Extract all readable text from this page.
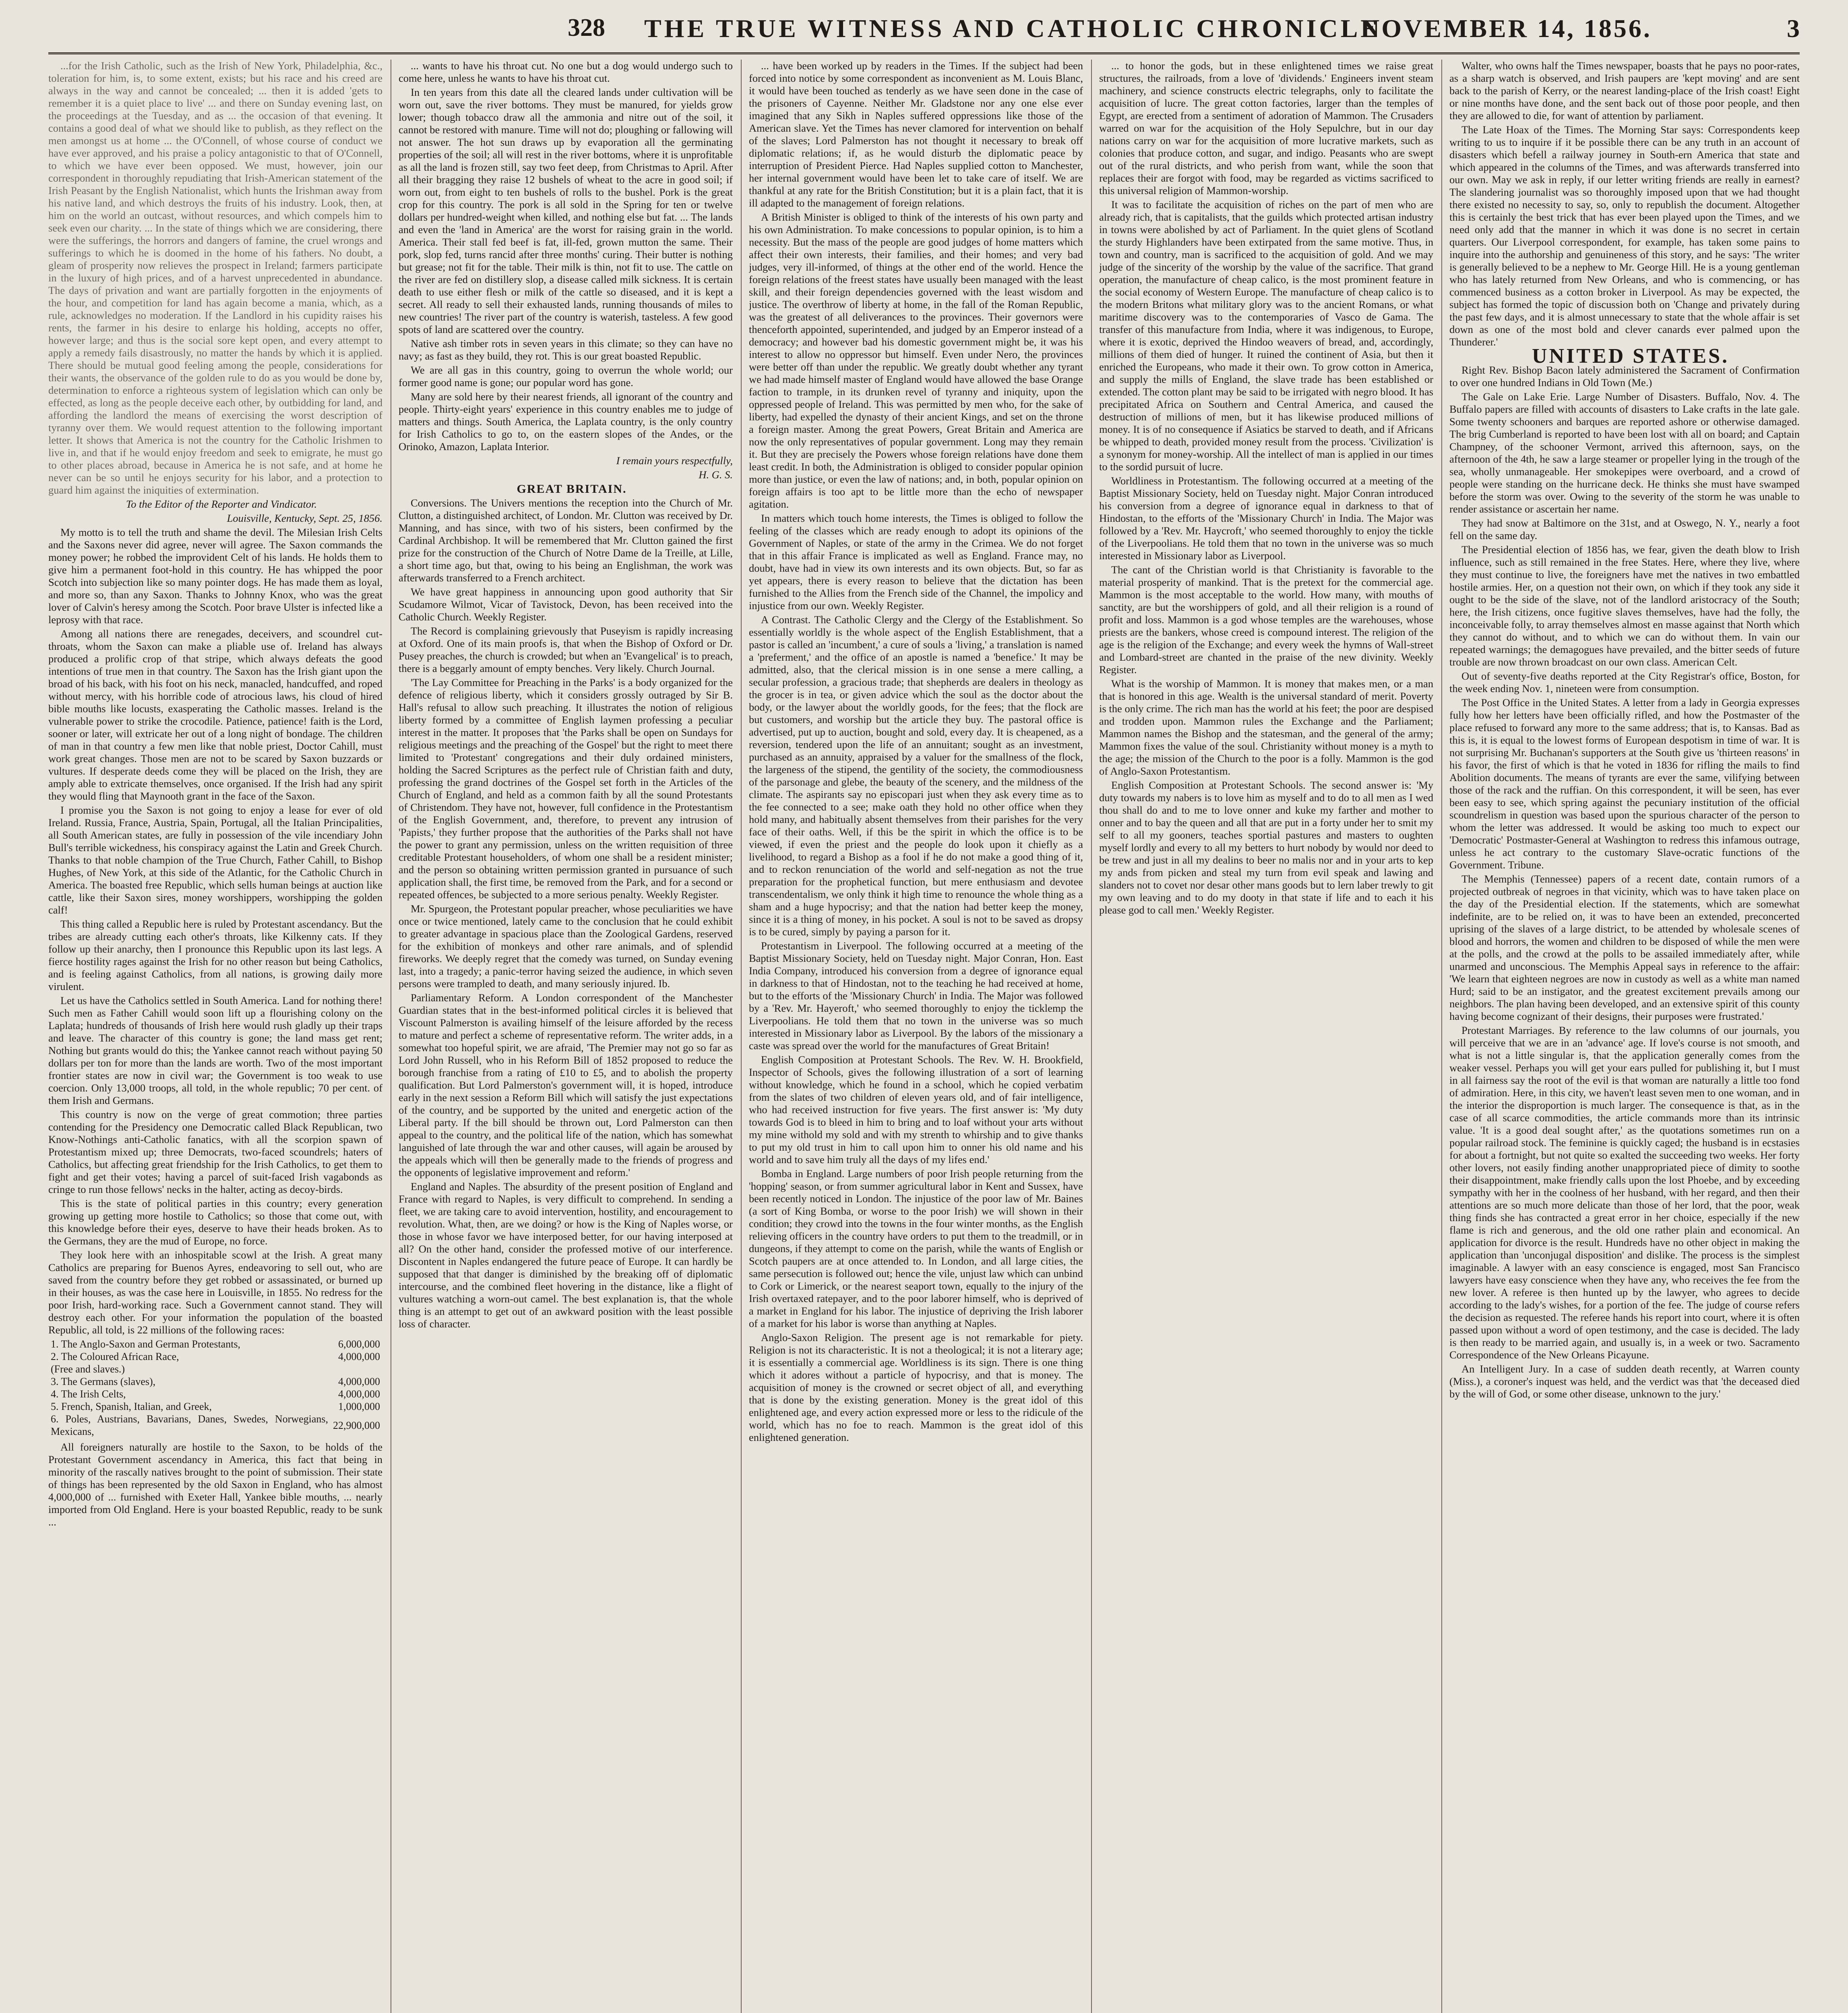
328 THE TRUE WITNESS AND CATHOLIC CHRONICLE
NOVEMBER 14, 1856.	3

...for the Irish Catholic, such as the Irish of New York, Philadelphia, &c., toleration for him, is, to some extent, exists; but his race and his creed are always in the way and cannot be concealed; ... then it is added 'gets to remember it is a quiet place to live' ... and there on Sunday evening last, on the proceedings at the Tuesday, and as ... the occasion of that evening. It contains a good deal of what we should like to publish, as they reflect on the men amongst us at home ... the O'Connell, of whose course of conduct we have ever approved, and his praise a policy antagonistic to that of O'Connell, to which we have ever been opposed. We must, however, join our correspondent in thoroughly repudiating that Irish-American statement of the Irish Peasant by the English Nationalist, which hunts the Irishman away from his native land, and which destroys the fruits of his industry. Look, then, at him on the world an outcast, without resources, and which compels him to seek even our charity. ... In the state of things which we are considering, there were the sufferings, the horrors and dangers of famine, the cruel wrongs and sufferings to which he is doomed in the home of his fathers. No doubt, a gleam of prosperity now relieves the prospect in Ireland; farmers participate in the luxury of high prices, and of a harvest unprecedented in abundance. The days of privation and want are partially forgotten in the enjoyments of the hour, and competition for land has again become a mania, which, as a rule, acknowledges no moderation. If the Landlord in his cupidity raises his rents, the farmer in his desire to enlarge his holding, accepts no offer, however large; and thus is the social sore kept open, and every attempt to apply a remedy fails disastrously, no matter the hands by which it is applied. There should be mutual good feeling among the people, considerations for their wants, the observance of the golden rule to do as you would be done by, determination to enforce a righteous system of legislation which can only be effected, as long as the people deceive each other, by outbidding for land, and affording the landlord the means of exercising the worst description of tyranny over them. We would request attention to the following important letter. It shows that America is not the country for the Catholic Irishmen to live in, and that if he would enjoy freedom and seek to emigrate, he must go to other places abroad, because in America he is not safe, and at home he never can be so until he enjoys security for his labor, and a protection to guard him against the iniquities of extermination.

To the Editor of the Reporter and Vindicator.

Louisville, Kentucky, Sept. 25, 1856.

My motto is to tell the truth and shame the devil. The Milesian Irish Celts and the Saxons never did agree, never will agree. The Saxon commands the money power; he robbed the improvident Celt of his lands. He holds them to give him a permanent foot-hold in this country. He has whipped the poor Scotch into subjection like so many pointer dogs. He has made them as loyal, and more so, than any Saxon. Thanks to Johnny Knox, who was the great lover of Calvin's heresy among the Scotch. Poor brave Ulster is infected like a leprosy with that race.

Among all nations there are renegades, deceivers, and scoundrel cut-throats, whom the Saxon can make a pliable use of. Ireland has always produced a prolific crop of that stripe, which always defeats the good intentions of true men in that country. The Saxon has the Irish giant upon the broad of his back, with his foot on his neck, manacled, handcuffed, and roped without mercy, with his horrible code of atrocious laws, his cloud of hired bible mouths like locusts, exasperating the Catholic masses. Ireland is the vulnerable power to strike the crocodile. Patience, patience! faith is the Lord, sooner or later, will extricate her out of a long night of bondage. The children of man in that country a few men like that noble priest, Doctor Cahill, must work great changes. Those men are not to be scared by Saxon buzzards or vultures. If desperate deeds come they will be placed on the Irish, they are amply able to extricate themselves, once organised. If the Irish had any spirit they would fling that Maynooth grant in the face of the Saxon.

I promise you the Saxon is not going to enjoy a lease for ever of old Ireland. Russia, France, Austria, Spain, Portugal, all the Italian Principalities, all South American states, are fully in possession of the vile incendiary John Bull's terrible wickedness, his conspiracy against the Latin and Greek Church. Thanks to that noble champion of the True Church, Father Cahill, to Bishop Hughes, of New York, at this side of the Atlantic, for the Catholic Church in America. The boasted free Republic, which sells human beings at auction like cattle, like their Saxon sires, money worshippers, worshipping the golden calf!

This thing called a Republic here is ruled by Protestant ascendancy. But the tribes are already cutting each other's throats, like Kilkenny cats. If they follow up their anarchy, then I pronounce this Republic upon its last legs. A fierce hostility rages against the Irish for no other reason but being Catholics, and is feeling against Catholics, from all nations, is growing daily more virulent.

Let us have the Catholics settled in South America. Land for nothing there! Such men as Father Cahill would soon lift up a flourishing colony on the Laplata; hundreds of thousands of Irish here would rush gladly up their traps and leave. The character of this country is gone; the land mass get rent; Nothing but grants would do this; the Yankee cannot reach without paying 50 dollars per ton for more than the lands are worth. Two of the most important frontier states are now in civil war; the Government is too weak to use coercion. Only 13,000 troops, all told, in the whole republic; 70 per cent. of them Irish and Germans.

This country is now on the verge of great commotion; three parties contending for the Presidency one Democratic called Black Republican, two Know-Nothings anti-Catholic fanatics, with all the scorpion spawn of Protestantism mixed up; three Democrats, two-faced scoundrels; haters of Catholics, but affecting great friendship for the Irish Catholics, to get them to fight and get their votes; having a parcel of suit-faced Irish vagabonds as cringe to run those fellows' necks in the halter, acting as decoy-birds.

This is the state of political parties in this country; every generation growing up getting more hostile to Catholics; so those that come out, with this knowledge before their eyes, deserve to have their heads broken. As to the Germans, they are the mud of Europe, no force.

They look here with an inhospitable scowl at the Irish. A great many Catholics are preparing for Buenos Ayres, endeavoring to sell out, who are saved from the country before they get robbed or assassinated, or burned up in their houses, as was the case here in Louisville, in 1855. No redress for the poor Irish, hard-working race. Such a Government cannot stand. They will destroy each other. For your information the population of the boasted Republic, all told, is 22 millions of the following races:

1. The Anglo-Saxon and German Protestants,	6,000,000
2. The Coloured African Race,	4,000,000
(Free and slaves.)	
3. The Germans (slaves),	4,000,000
4. The Irish Celts,	4,000,000
5. French, Spanish, Italian, and Greek,	1,000,000
6. Poles, Austrians, Bavarians, Danes, Swedes, Norwegians, Mexicans,	22,900,000

All foreigners naturally are hostile to the Saxon, to be holds of the Protestant Government ascendancy in America, this fact that being in minority of the rascally natives brought to the point of submission. Their state of things has been represented by the old Saxon in England, who has almost 4,000,000 of ... furnished with Exeter Hall, Yankee bible mouths, ... nearly imported from Old England. Here is your boasted Republic, ready to be sunk ...

... wants to have his throat cut. No one but a dog would undergo such to come here, unless he wants to have his throat cut.

In ten years from this date all the cleared lands under cultivation will be worn out, save the river bottoms. They must be manured, for yields grow lower; though tobacco draw all the ammonia and nitre out of the soil, it cannot be restored with manure. Time will not do; ploughing or fallowing will not answer. The hot sun draws up by evaporation all the germinating properties of the soil; all will rest in the river bottoms, where it is unprofitable as all the land is frozen still, say two feet deep, from Christmas to April. After all their bragging they raise 12 bushels of wheat to the acre in good soil; if worn out, from eight to ten bushels of rolls to the bushel. Pork is the great crop for this country. The pork is all sold in the Spring for ten or twelve dollars per hundred-weight when killed, and nothing else but fat. ... The lands and even the 'land in America' are the worst for raising grain in the world. America. Their stall fed beef is fat, ill-fed, grown mutton the same. Their pork, slop fed, turns rancid after three months' curing. Their butter is nothing but grease; not fit for the table. Their milk is thin, not fit to use. The cattle on the river are fed on distillery slop, a disease called milk sickness. It is certain death to use either flesh or milk of the cattle so diseased, and it is kept a secret. All ready to sell their exhausted lands, running thousands of miles to new countries! The river part of the country is waterish, tasteless. A few good spots of land are scattered over the country.

Native ash timber rots in seven years in this climate; so they can have no navy; as fast as they build, they rot. This is our great boasted Republic.

We are all gas in this country, going to overrun the whole world; our former good name is gone; our popular word has gone.

Many are sold here by their nearest friends, all ignorant of the country and people. Thirty-eight years' experience in this country enables me to judge of matters and things. South America, the Laplata country, is the only country for Irish Catholics to go to, on the eastern slopes of the Andes, or the Orinoko, Amazon, Laplata Interior.

I remain yours respectfully,

H. G. S.

GREAT BRITAIN.

Conversions. The Univers mentions the reception into the Church of Mr. Clutton, a distinguished architect, of London. Mr. Clutton was received by Dr. Manning, and has since, with two of his sisters, been confirmed by the Cardinal Archbishop. It will be remembered that Mr. Clutton gained the first prize for the construction of the Church of Notre Dame de la Treille, at Lille, a short time ago, but that, owing to his being an Englishman, the work was afterwards transferred to a French architect.

We have great happiness in announcing upon good authority that Sir Scudamore Wilmot, Vicar of Tavistock, Devon, has been received into the Catholic Church. Weekly Register.

The Record is complaining grievously that Puseyism is rapidly increasing at Oxford. One of its main proofs is, that when the Bishop of Oxford or Dr. Pusey preaches, the church is crowded; but when an 'Evangelical' is to preach, there is a beggarly amount of empty benches. Very likely. Church Journal.

'The Lay Committee for Preaching in the Parks' is a body organized for the defence of religious liberty, which it considers grossly outraged by Sir B. Hall's refusal to allow such preaching. It illustrates the notion of religious liberty formed by a committee of English laymen professing a peculiar interest in the matter. It proposes that 'the Parks shall be open on Sundays for religious meetings and the preaching of the Gospel' but the right to meet there limited to 'Protestant' congregations and their duly ordained ministers, holding the Sacred Scriptures as the perfect rule of Christian faith and duty, professing the grand doctrines of the Gospel set forth in the Articles of the Church of England, and held as a common faith by all the sound Protestants of Christendom. They have not, however, full confidence in the Protestantism of the English Government, and, therefore, to prevent any intrusion of 'Papists,' they further propose that the authorities of the Parks shall not have the power to grant any permission, unless on the written requisition of three creditable Protestant householders, of whom one shall be a resident minister; and the person so obtaining written permission granted in pursuance of such application shall, the first time, be removed from the Park, and for a second or repeated offences, be subjected to a more serious penalty. Weekly Register.

Mr. Spurgeon, the Protestant popular preacher, whose peculiarities we have once or twice mentioned, lately came to the conclusion that he could exhibit to greater advantage in spacious place than the Zoological Gardens, reserved for the exhibition of monkeys and other rare animals, and of splendid fireworks. We deeply regret that the comedy was turned, on Sunday evening last, into a tragedy; a panic-terror having seized the audience, in which seven persons were trampled to death, and many seriously injured. Ib.

Parliamentary Reform. A London correspondent of the Manchester Guardian states that in the best-informed political circles it is believed that Viscount Palmerston is availing himself of the leisure afforded by the recess to mature and perfect a scheme of representative reform. The writer adds, in a somewhat too hopeful spirit, we are afraid, 'The Premier may not go so far as Lord John Russell, who in his Reform Bill of 1852 proposed to reduce the borough franchise from a rating of £10 to £5, and to abolish the property qualification. But Lord Palmerston's government will, it is hoped, introduce early in the next session a Reform Bill which will satisfy the just expectations of the country, and be supported by the united and energetic action of the Liberal party. If the bill should be thrown out, Lord Palmerston can then appeal to the country, and the political life of the nation, which has somewhat languished of late through the war and other causes, will again be aroused by the appeals which will then be generally made to the friends of progress and the opponents of legislative improvement and reform.'

England and Naples. The absurdity of the present position of England and France with regard to Naples, is very difficult to comprehend. In sending a fleet, we are taking care to avoid intervention, hostility, and encouragement to revolution. What, then, are we doing? or how is the King of Naples worse, or those in whose favor we have interposed better, for our having interposed at all? On the other hand, consider the professed motive of our interference. Discontent in Naples endangered the future peace of Europe. It can hardly be supposed that that danger is diminished by the breaking off of diplomatic intercourse, and the combined fleet hovering in the distance, like a flight of vultures watching a worn-out camel. The best explanation is, that the whole thing is an attempt to get out of an awkward position with the least possible loss of character.

... have been worked up by readers in the Times. If the subject had been forced into notice by some correspondent as inconvenient as M. Louis Blanc, it would have been touched as tenderly as we have seen done in the case of the prisoners of Cayenne. Neither Mr. Gladstone nor any one else ever imagined that any Sikh in Naples suffered oppressions like those of the American slave. Yet the Times has never clamored for intervention on behalf of the slaves; Lord Palmerston has not thought it necessary to break off diplomatic relations; if, as he would disturb the diplomatic peace by interruption of President Pierce. Had Naples supplied cotton to Manchester, her internal government would have been let to take care of itself. We are thankful at any rate for the British Constitution; but it is a plain fact, that it is ill adapted to the management of foreign relations.

A British Minister is obliged to think of the interests of his own party and his own Administration. To make concessions to popular opinion, is to him a necessity. But the mass of the people are good judges of home matters which affect their own interests, their families, and their homes; and very bad judges, very ill-informed, of things at the other end of the world. Hence the foreign relations of the freest states have usually been managed with the least skill, and their foreign dependencies governed with the least wisdom and justice. The overthrow of liberty at home, in the fall of the Roman Republic, was the greatest of all deliverances to the provinces. Their governors were thenceforth appointed, superintended, and judged by an Emperor instead of a democracy; and however bad his domestic government might be, it was his interest to allow no oppressor but himself. Even under Nero, the provinces were better off than under the republic. We greatly doubt whether any tyrant we had made himself master of England would have allowed the base Orange faction to trample, in its drunken revel of tyranny and iniquity, upon the oppressed people of Ireland. This was permitted by men who, for the sake of liberty, had expelled the dynasty of their ancient Kings, and set on the throne a foreign master. Among the great Powers, Great Britain and America are now the only representatives of popular government. Long may they remain it. But they are precisely the Powers whose foreign relations have done them least credit. In both, the Administration is obliged to consider popular opinion more than justice, or even the law of nations; and, in both, popular opinion on foreign affairs is too apt to be little more than the echo of newspaper agitation.

In matters which touch home interests, the Times is obliged to follow the feeling of the classes which are ready enough to adopt its opinions of the Government of Naples, or state of the army in the Crimea. We do not forget that in this affair France is implicated as well as England. France may, no doubt, have had in view its own interests and its own objects. But, so far as yet appears, there is every reason to believe that the dictation has been furnished to the Allies from the French side of the Channel, the impolicy and injustice from our own. Weekly Register.

A Contrast. The Catholic Clergy and the Clergy of the Establishment. So essentially worldly is the whole aspect of the English Establishment, that a pastor is called an 'incumbent,' a cure of souls a 'living,' a translation is named a 'preferment,' and the office of an apostle is named a 'benefice.' It may be admitted, also, that the clerical mission is in one sense a mere calling, a secular profession, a gracious trade; that shepherds are dealers in theology as the grocer is in tea, or given advice which the soul as the doctor about the body, or the lawyer about the worldly goods, for the fees; that the flock are but customers, and worship but the article they buy. The pastoral office is advertised, put up to auction, bought and sold, every day. It is cheapened, as a reversion, tendered upon the life of an annuitant; sought as an investment, purchased as an annuity, appraised by a valuer for the smallness of the flock, the largeness of the stipend, the gentility of the society, the commodiousness of the parsonage and glebe, the beauty of the scenery, and the mildness of the climate. The aspirants say no episcopari just when they ask every time as to the fee connected to a see; make oath they hold no other office when they hold many, and habitually absent themselves from their parishes for the very face of their oaths. Well, if this be the spirit in which the office is to be viewed, if even the priest and the people do look upon it chiefly as a livelihood, to regard a Bishop as a fool if he do not make a good thing of it, and to reckon renunciation of the world and self-negation as not the true preparation for the prophetical function, but mere enthusiasm and devotee transcendentalism, we only think it high time to renounce the whole thing as a sham and a huge hypocrisy; and that the nation had better keep the money, since it is a thing of money, in his pocket. A soul is not to be saved as dropsy is to be cured, simply by paying a parson for it.

Protestantism in Liverpool. The following occurred at a meeting of the Baptist Missionary Society, held on Tuesday night. Major Conran, Hon. East India Company, introduced his conversion from a degree of ignorance equal in darkness to that of Hindostan, not to the teaching he had received at home, but to the efforts of the 'Missionary Church' in India. The Major was followed by a 'Rev. Mr. Hayeroft,' who seemed thoroughly to enjoy the ticklemp the Liverpoolians. He told them that no town in the universe was so much interested in Missionary labor as Liverpool. By the labors of the missionary a caste was spread over the world for the manufactures of Great Britain!

English Composition at Protestant Schools. The Rev. W. H. Brookfield, Inspector of Schools, gives the following illustration of a sort of learning without knowledge, which he found in a school, which he copied verbatim from the slates of two children of eleven years old, and of fair intelligence, who had received instruction for five years. The first answer is: 'My duty towards God is to bleed in him to bring and to loaf without your arts without my mine withold my sold and with my strenth to whirship and to give thanks to put my old trust in him to call upon him to onner his old name and his world and to save him truly all the days of my lifes end.'

Bomba in England. Large numbers of poor Irish people returning from the 'hopping' season, or from summer agricultural labor in Kent and Sussex, have been recently noticed in London. The injustice of the poor law of Mr. Baines (a sort of King Bomba, or worse to the poor Irish) we will shown in their condition; they crowd into the towns in the four winter months, as the English relieving officers in the country have orders to put them to the treadmill, or in dungeons, if they attempt to come on the parish, while the wants of English or Scotch paupers are at once attended to. In London, and all large cities, the same persecution is followed out; hence the vile, unjust law which can unbind to Cork or Limerick, or the nearest seaport town, equally to the injury of the Irish overtaxed ratepayer, and to the poor laborer himself, who is deprived of a market in England for his labor. The injustice of depriving the Irish laborer of a market for his labor is worse than anything at Naples.

Anglo-Saxon Religion. The present age is not remarkable for piety. Religion is not its characteristic. It is not a theological; it is not a literary age; it is essentially a commercial age. Worldliness is its sign. There is one thing which it adores without a particle of hypocrisy, and that is money. The acquisition of money is the crowned or secret object of all, and everything that is done by the existing generation. Money is the great idol of this enlightened age, and every action expressed more or less to the ridicule of the world, which has no foe to reach. Mammon is the great idol of this enlightened generation.

... to honor the gods, but in these enlightened times we raise great structures, the railroads, from a love of 'dividends.' Engineers invent steam machinery, and science constructs electric telegraphs, only to facilitate the acquisition of lucre. The great cotton factories, larger than the temples of Egypt, are erected from a sentiment of adoration of Mammon. The Crusaders warred on war for the acquisition of the Holy Sepulchre, but in our day nations carry on war for the acquisition of more lucrative markets, such as colonies that produce cotton, and sugar, and indigo. Peasants who are swept out of the rural districts, and who perish from want, while the soon that replaces their are forgot with food, may be regarded as victims sacrificed to this universal religion of Mammon-worship.

It was to facilitate the acquisition of riches on the part of men who are already rich, that is capitalists, that the guilds which protected artisan industry in towns were abolished by act of Parliament. In the quiet glens of Scotland the sturdy Highlanders have been extirpated from the same motive. Thus, in town and country, man is sacrificed to the acquisition of gold. And we may judge of the sincerity of the worship by the value of the sacrifice. That grand operation, the manufacture of cheap calico, is the most prominent feature in the social economy of Western Europe. The manufacture of cheap calico is to the modern Britons what military glory was to the ancient Romans, or what maritime discovery was to the contemporaries of Vasco de Gama. The transfer of this manufacture from India, where it was indigenous, to Europe, where it is exotic, deprived the Hindoo weavers of bread, and, accordingly, millions of them died of hunger. It ruined the continent of Asia, but then it enriched the Europeans, who made it their own. To grow cotton in America, and supply the mills of England, the slave trade has been established or extended. The cotton plant may be said to be irrigated with negro blood. It has precipitated Africa on Southern and Central America, and caused the destruction of millions of men, but it has likewise produced millions of money. It is of no consequence if Asiatics be starved to death, and if Africans be whipped to death, provided money result from the process. 'Civilization' is a synonym for money-worship. All the intellect of man is applied in our times to the sordid pursuit of lucre.

Worldliness in Protestantism. The following occurred at a meeting of the Baptist Missionary Society, held on Tuesday night. Major Conran introduced his conversion from a degree of ignorance equal in darkness to that of Hindostan, to the efforts of the 'Missionary Church' in India. The Major was followed by a 'Rev. Mr. Haycroft,' who seemed thoroughly to enjoy the tickle of the Liverpoolians. He told them that no town in the universe was so much interested in Missionary labor as Liverpool.

The cant of the Christian world is that Christianity is favorable to the material prosperity of mankind. That is the pretext for the commercial age. Mammon is the most acceptable to the world. How many, with mouths of sanctity, are but the worshippers of gold, and all their religion is a round of profit and loss. Mammon is a god whose temples are the warehouses, whose priests are the bankers, whose creed is compound interest. The religion of the age is the religion of the Exchange; and every week the hymns of Wall-street and Lombard-street are chanted in the praise of the new divinity. Weekly Register.

What is the worship of Mammon. It is money that makes men, or a man that is honored in this age. Wealth is the universal standard of merit. Poverty is the only crime. The rich man has the world at his feet; the poor are despised and trodden upon. Mammon rules the Exchange and the Parliament; Mammon names the Bishop and the statesman, and the general of the army; Mammon fixes the value of the soul. Christianity without money is a myth to the age; the mission of the Church to the poor is a folly. Mammon is the god of Anglo-Saxon Protestantism.

English Composition at Protestant Schools. The second answer is: 'My duty towards my nabers is to love him as myself and to do to all men as I wed thou shall do and to me to love onner and kuke my farther and mother to onner and to bay the queen and all that are put in a forty under her to smit my self to all my gooners, teaches sportial pastures and masters to oughten myself lordly and every to all my betters to hurt nobody by would nor deed to be trew and just in all my dealins to beer no malis nor and in your arts to kep my ands from picken and steal my turn from evil speak and lawing and slanders not to covet nor desar other mans goods but to lern laber trewly to git my own leaving and to do my dooty in that state if life and to each it his please god to call men.' Weekly Register.

Walter, who owns half the Times newspaper, boasts that he pays no poor-rates, as a sharp watch is observed, and Irish paupers are 'kept moving' and are sent back to the parish of Kerry, or the nearest landing-place of the Irish coast! Eight or nine months have done, and the sent back out of those poor people, and then they are allowed to die, for want of attention by parliament.

The Late Hoax of the Times. The Morning Star says: Correspondents keep writing to us to inquire if it be possible there can be any truth in an account of disasters which befell a railway journey in South-ern America that state and which appeared in the columns of the Times, and was afterwards transferred into our own. May we ask in reply, if our letter writing friends are really in earnest? The slandering journalist was so thoroughly imposed upon that we had thought there existed no necessity to say, so, only to republish the document. Altogether this is certainly the best trick that has ever been played upon the Times, and we need only add that the manner in which it was done is no secret in certain quarters. Our Liverpool correspondent, for example, has taken some pains to inquire into the authorship and genuineness of this story, and he says: 'The writer is generally believed to be a nephew to Mr. George Hill. He is a young gentleman who has lately returned from New Orleans, and who is commencing, or has commenced business as a cotton broker in Liverpool. As may be expected, the subject has formed the topic of discussion both on 'Change and privately during the past few days, and it is almost unnecessary to state that the whole affair is set down as one of the most bold and clever canards ever palmed upon the Thunderer.'

UNITED STATES.

Right Rev. Bishop Bacon lately administered the Sacrament of Confirmation to over one hundred Indians in Old Town (Me.)

The Gale on Lake Erie. Large Number of Disasters. Buffalo, Nov. 4. The Buffalo papers are filled with accounts of disasters to Lake crafts in the late gale. Some twenty schooners and barques are reported ashore or otherwise damaged. The brig Cumberland is reported to have been lost with all on board; and Captain Champney, of the schooner Vermont, arrived this afternoon, says, on the afternoon of the 4th, he saw a large steamer or propeller lying in the trough of the sea, wholly unmanageable. Her smokepipes were overboard, and a crowd of people were standing on the hurricane deck. He thinks she must have swamped before the storm was over. Owing to the severity of the storm he was unable to render assistance or ascertain her name.

They had snow at Baltimore on the 31st, and at Oswego, N. Y., nearly a foot fell on the same day.

The Presidential election of 1856 has, we fear, given the death blow to Irish influence, such as still remained in the free States. Here, where they live, where they must continue to live, the foreigners have met the natives in two embattled hostile armies. Her, on a question not their own, on which if they took any side it ought to be the side of the slave, not of the landlord aristocracy of the South; here, the Irish citizens, once fugitive slaves themselves, have had the folly, the inconceivable folly, to array themselves almost en masse against that North which they cannot do without, and to which we can do without them. In vain our repeated warnings; the demagogues have prevailed, and the bitter seeds of future trouble are now thrown broadcast on our own class. American Celt.

Out of seventy-five deaths reported at the City Registrar's office, Boston, for the week ending Nov. 1, nineteen were from consumption.

The Post Office in the United States. A letter from a lady in Georgia expresses fully how her letters have been officially rifled, and how the Postmaster of the place refused to forward any more to the same address; that is, to Kansas. Bad as this is, it is equal to the lowest forms of European despotism in time of war. It is not surprising Mr. Buchanan's supporters at the South give us 'thirteen reasons' in his favor, the first of which is that he voted in 1836 for rifling the mails to find Abolition documents. The means of tyrants are ever the same, vilifying between those of the rack and the ruffian. On this correspondent, it will be seen, has ever been easy to see, which spring against the pecuniary institution of the official scoundrelism in question was based upon the spurious character of the person to whom the letter was addressed. It would be asking too much to expect our 'Democratic' Postmaster-General at Washington to redress this infamous outrage, unless he act contrary to the customary Slave-ocratic functions of the Government. Tribune.

The Memphis (Tennessee) papers of a recent date, contain rumors of a projected outbreak of negroes in that vicinity, which was to have taken place on the day of the Presidential election. If the statements, which are somewhat indefinite, are to be relied on, it was to have been an extended, preconcerted uprising of the slaves of a large district, to be attended by wholesale scenes of blood and horrors, the women and children to be disposed of while the men were at the polls, and the crowd at the polls to be assailed immediately after, while unarmed and unconscious. The Memphis Appeal says in reference to the affair: 'We learn that eighteen negroes are now in custody as well as a white man named Hurd; said to be an instigator, and the greatest excitement prevails among our neighbors. The plan having been developed, and an extensive spirit of this county having become cognizant of their designs, their purposes were frustrated.'

Protestant Marriages. By reference to the law columns of our journals, you will perceive that we are in an 'advance' age. If love's course is not smooth, and what is not a little singular is, that the application generally comes from the weaker vessel. Perhaps you will get your ears pulled for publishing it, but I must in all fairness say the root of the evil is that woman are naturally a little too fond of admiration. Here, in this city, we haven't least seven men to one woman, and in the interior the disproportion is much larger. The consequence is that, as in the case of all scarce commodities, the article commands more than its intrinsic value. 'It is a good deal sought after,' as the quotations sometimes run on a popular railroad stock. The feminine is quickly caged; the husband is in ecstasies for about a fortnight, but not quite so exalted the succeeding two weeks. Her forty other lovers, not easily finding another unappropriated piece of dimity to soothe their disappointment, make friendly calls upon the lost Phoebe, and by exceeding sympathy with her in the coolness of her husband, with her regard, and then their attentions are so much more delicate than those of her lord, that the poor, weak thing finds she has contracted a great error in her choice, especially if the new flame is rich and generous, and the old one rather plain and economical. An application for divorce is the result. Hundreds have no other object in making the application than 'unconjugal disposition' and dislike. The process is the simplest imaginable. A lawyer with an easy conscience is engaged, most San Francisco lawyers have easy conscience when they have any, who receives the fee from the new lover. A referee is then hunted up by the lawyer, who agrees to decide according to the lady's wishes, for a portion of the fee. The judge of course refers the decision as requested. The referee hands his report into court, where it is often passed upon without a word of open testimony, and the case is decided. The lady is then ready to be married again, and usually is, in a week or two. Sacramento Correspondence of the New Orleans Picayune.

An Intelligent Jury. In a case of sudden death recently, at Warren county (Miss.), a coroner's inquest was held, and the verdict was that 'the deceased died by the will of God, or some other disease, unknown to the jury.'
